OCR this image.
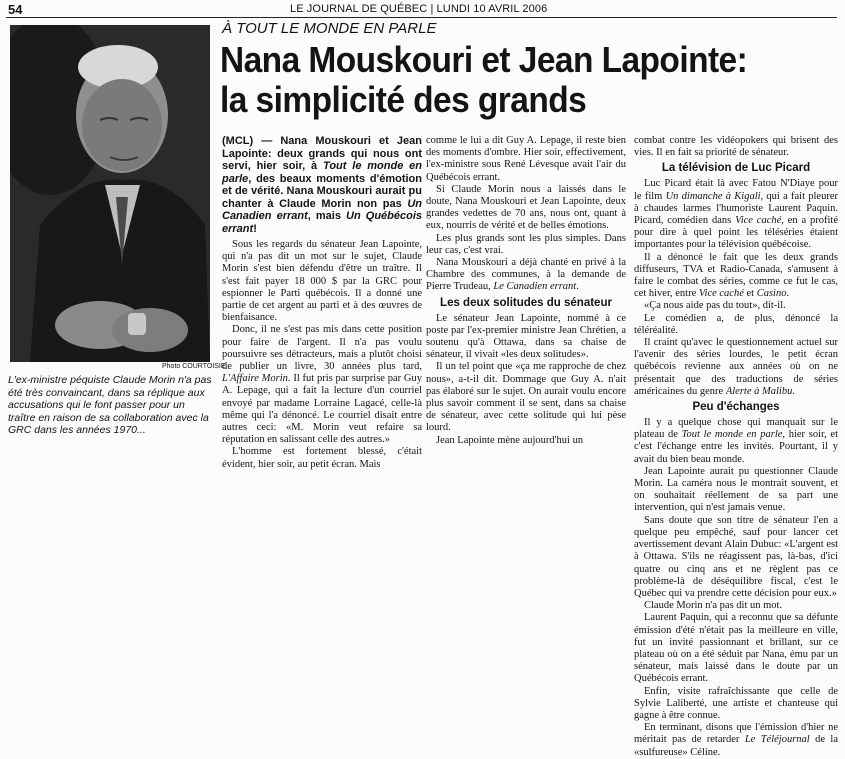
54	LE JOURNAL DE QUÉBEC | LUNDI 10 AVRIL 2006
À TOUT LE MONDE EN PARLE
Nana Mouskouri et Jean Lapointe:
la simplicité des grands
Photo COURTOISIE
L'ex-ministre péquiste Claude Morin n'a pas été très convaincant, dans sa réplique aux accusations qui le font passer pour un traître en raison de sa collaboration avec la GRC dans les années 1970...

(MCL) — Nana Mouskouri et Jean Lapointe: deux grands qui nous ont servi, hier soir, à Tout le monde en parle, des beaux moments d'émotion et de vérité. Nana Mouskouri aurait pu chanter à Claude Morin non pas Un Canadien errant, mais Un Québécois errant!

Sous les regards du sénateur Jean Lapointe, qui n'a pas dit un mot sur le sujet, Claude Morin s'est bien défendu d'être un traître. Il s'est fait payer 18 000 $ par la GRC pour espionner le Parti québécois. Il a donné une partie de cet argent au parti et à des œuvres de bienfaisance.

Donc, il ne s'est pas mis dans cette position pour faire de l'argent. Il n'a pas voulu poursuivre ses détracteurs, mais a plutôt choisi de publier un livre, 30 années plus tard, L'Affaire Morin. Il fut pris par surprise par Guy A. Lepage, qui a fait la lecture d'un courriel envoyé par madame Lorraine Lagacé, celle-là même qui l'a dénoncé. Le courriel disait entre autres ceci: «M. Morin veut refaire sa réputation en salissant celle des autres.»

L'homme est fortement blessé, c'était évident, hier soir, au petit écran. Mais

comme le lui a dit Guy A. Lepage, il reste bien des moments d'ombre. Hier soir, effectivement, l'ex-ministre sous René Lévesque avait l'air du Québécois errant.

Si Claude Morin nous a laissés dans le doute, Nana Mouskouri et Jean Lapointe, deux grandes vedettes de 70 ans, nous ont, quant à eux, nourris de vérité et de belles émotions.

Les plus grands sont les plus simples. Dans leur cas, c'est vrai.

Nana Mouskouri a déjà chanté en privé à la Chambre des communes, à la demande de Pierre Trudeau, Le Canadien errant.

Les deux solitudes du sénateur

Le sénateur Jean Lapointe, nommé à ce poste par l'ex-premier ministre Jean Chrétien, a soutenu qu'à Ottawa, dans sa chaise de sénateur, il vivait «les deux solitudes».

Il un tel point que «ça me rapproche de chez nous», a-t-il dit. Dommage que Guy A. n'ait pas élaboré sur le sujet. On aurait voulu encore plus savoir comment il se sent, dans sa chaise de sénateur, avec cette solitude qui lui pèse lourd.

Jean Lapointe mène aujourd'hui un

combat contre les vidéopokers qui brisent des vies. Il en fait sa priorité de sénateur.

La télévision de Luc Picard

Luc Picard était là avec Fatou N'Diaye pour le film Un dimanche à Kigali, qui a fait pleurer à chaudes larmes l'humoriste Laurent Paquin. Picard, comédien dans Vice caché, en a profité pour dire à quel point les téléséries étaient importantes pour la télévision québécoise.

Il a dénoncé le fait que les deux grands diffuseurs, TVA et Radio-Canada, s'amusent à faire le combat des séries, comme ce fut le cas, cet hiver, entre Vice caché et Casino.

«Ça nous aide pas du tout», dit-il.

Le comédien a, de plus, dénoncé la téléréalité.

Il craint qu'avec le questionnement actuel sur l'avenir des séries lourdes, le petit écran québécois revienne aux années où on ne présentait que des traductions de séries américaines du genre Alerte à Malibu.

Peu d'échanges

Il y a quelque chose qui manquait sur le plateau de Tout le monde en parle, hier soir, et c'est l'échange entre les invités. Pourtant, il y avait du bien beau monde.

Jean Lapointe aurait pu questionner Claude Morin. La caméra nous le montrait souvent, et on souhaitait réellement de sa part une intervention, qui n'est jamais venue.

Sans doute que son titre de sénateur l'en a quelque peu empêché, sauf pour lancer cet avertissement devant Alain Dubuc: «L'argent est à Ottawa. S'ils ne réagissent pas, là-bas, d'ici quatre ou cinq ans et ne règlent pas ce problème-là de déséquilibre fiscal, c'est le Québec qui va prendre cette décision pour eux.»

Claude Morin n'a pas dit un mot.

Laurent Paquin, qui a reconnu que sa défunte émission d'été n'était pas la meilleure en ville, fut un invité passionnant et brillant, sur ce plateau où on a été séduit par Nana, ému par un sénateur, mais laissé dans le doute par un Québécois errant.

Enfin, visite rafraîchissante que celle de Sylvie Laliberté, une artiste et chanteuse qui gagne à être connue.

En terminant, disons que l'émission d'hier ne méritait pas de retarder Le Téléjournal de la «sulfureuse» Céline.
